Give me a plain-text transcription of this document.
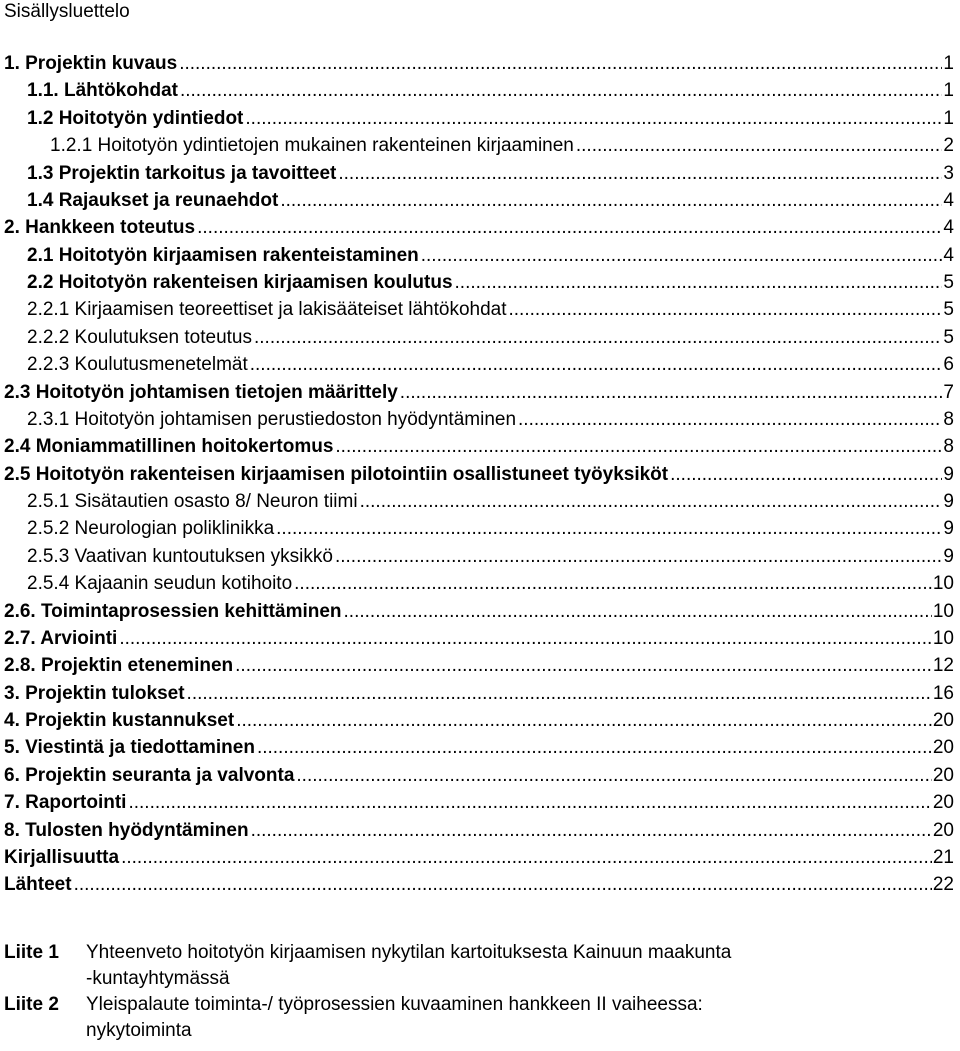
Sisällysluettelo
1. Projektin kuvaus .....	1
1.1. Lähtökohdat .....	1
1.2 Hoitotyön ydintiedot .....	1
1.2.1 Hoitotyön ydintietojen mukainen rakenteinen kirjaaminen .....	2
1.3 Projektin tarkoitus ja tavoitteet .....	3
1.4 Rajaukset ja reunaehdot .....	4
2. Hankkeen toteutus .....	4
2.1 Hoitotyön kirjaamisen rakenteistaminen .....	4
2.2 Hoitotyön rakenteisen kirjaamisen koulutus .....	5
2.2.1 Kirjaamisen teoreettiset ja lakisääteiset lähtökohdat .....	5
2.2.2 Koulutuksen toteutus .....	5
2.2.3 Koulutusmenetelmät .....	6
2.3 Hoitotyön johtamisen tietojen määrittely .....	7
2.3.1 Hoitotyön johtamisen perustiedoston hyödyntäminen .....	8
2.4 Moniammatillinen hoitokertomus .....	8
2.5 Hoitotyön rakenteisen kirjaamisen pilotointiin osallistuneet työyksiköt .....	9
2.5.1 Sisätautien osasto 8/ Neuron tiimi .....	9
2.5.2 Neurologian poliklinikka .....	9
2.5.3 Vaativan kuntoutuksen yksikkö .....	9
2.5.4 Kajaanin seudun kotihoito .....	10
2.6. Toimintaprosessien kehittäminen .....	10
2.7. Arviointi .....	10
2.8. Projektin eteneminen .....	12
3. Projektin tulokset .....	16
4. Projektin kustannukset .....	20
5. Viestintä ja tiedottaminen .....	20
6. Projektin seuranta ja valvonta .....	20
7. Raportointi .....	20
8. Tulosten hyödyntäminen .....	20
Kirjallisuutta .....	21
Lähteet .....	22
Liite 1	Yhteenveto hoitotyön kirjaamisen nykytilan kartoituksesta Kainuun maakunta
-kuntayhtymässä
Liite 2	Yleispalaute toiminta-/ työprosessien kuvaaminen hankkeen II vaiheessa:
nykytoiminta
